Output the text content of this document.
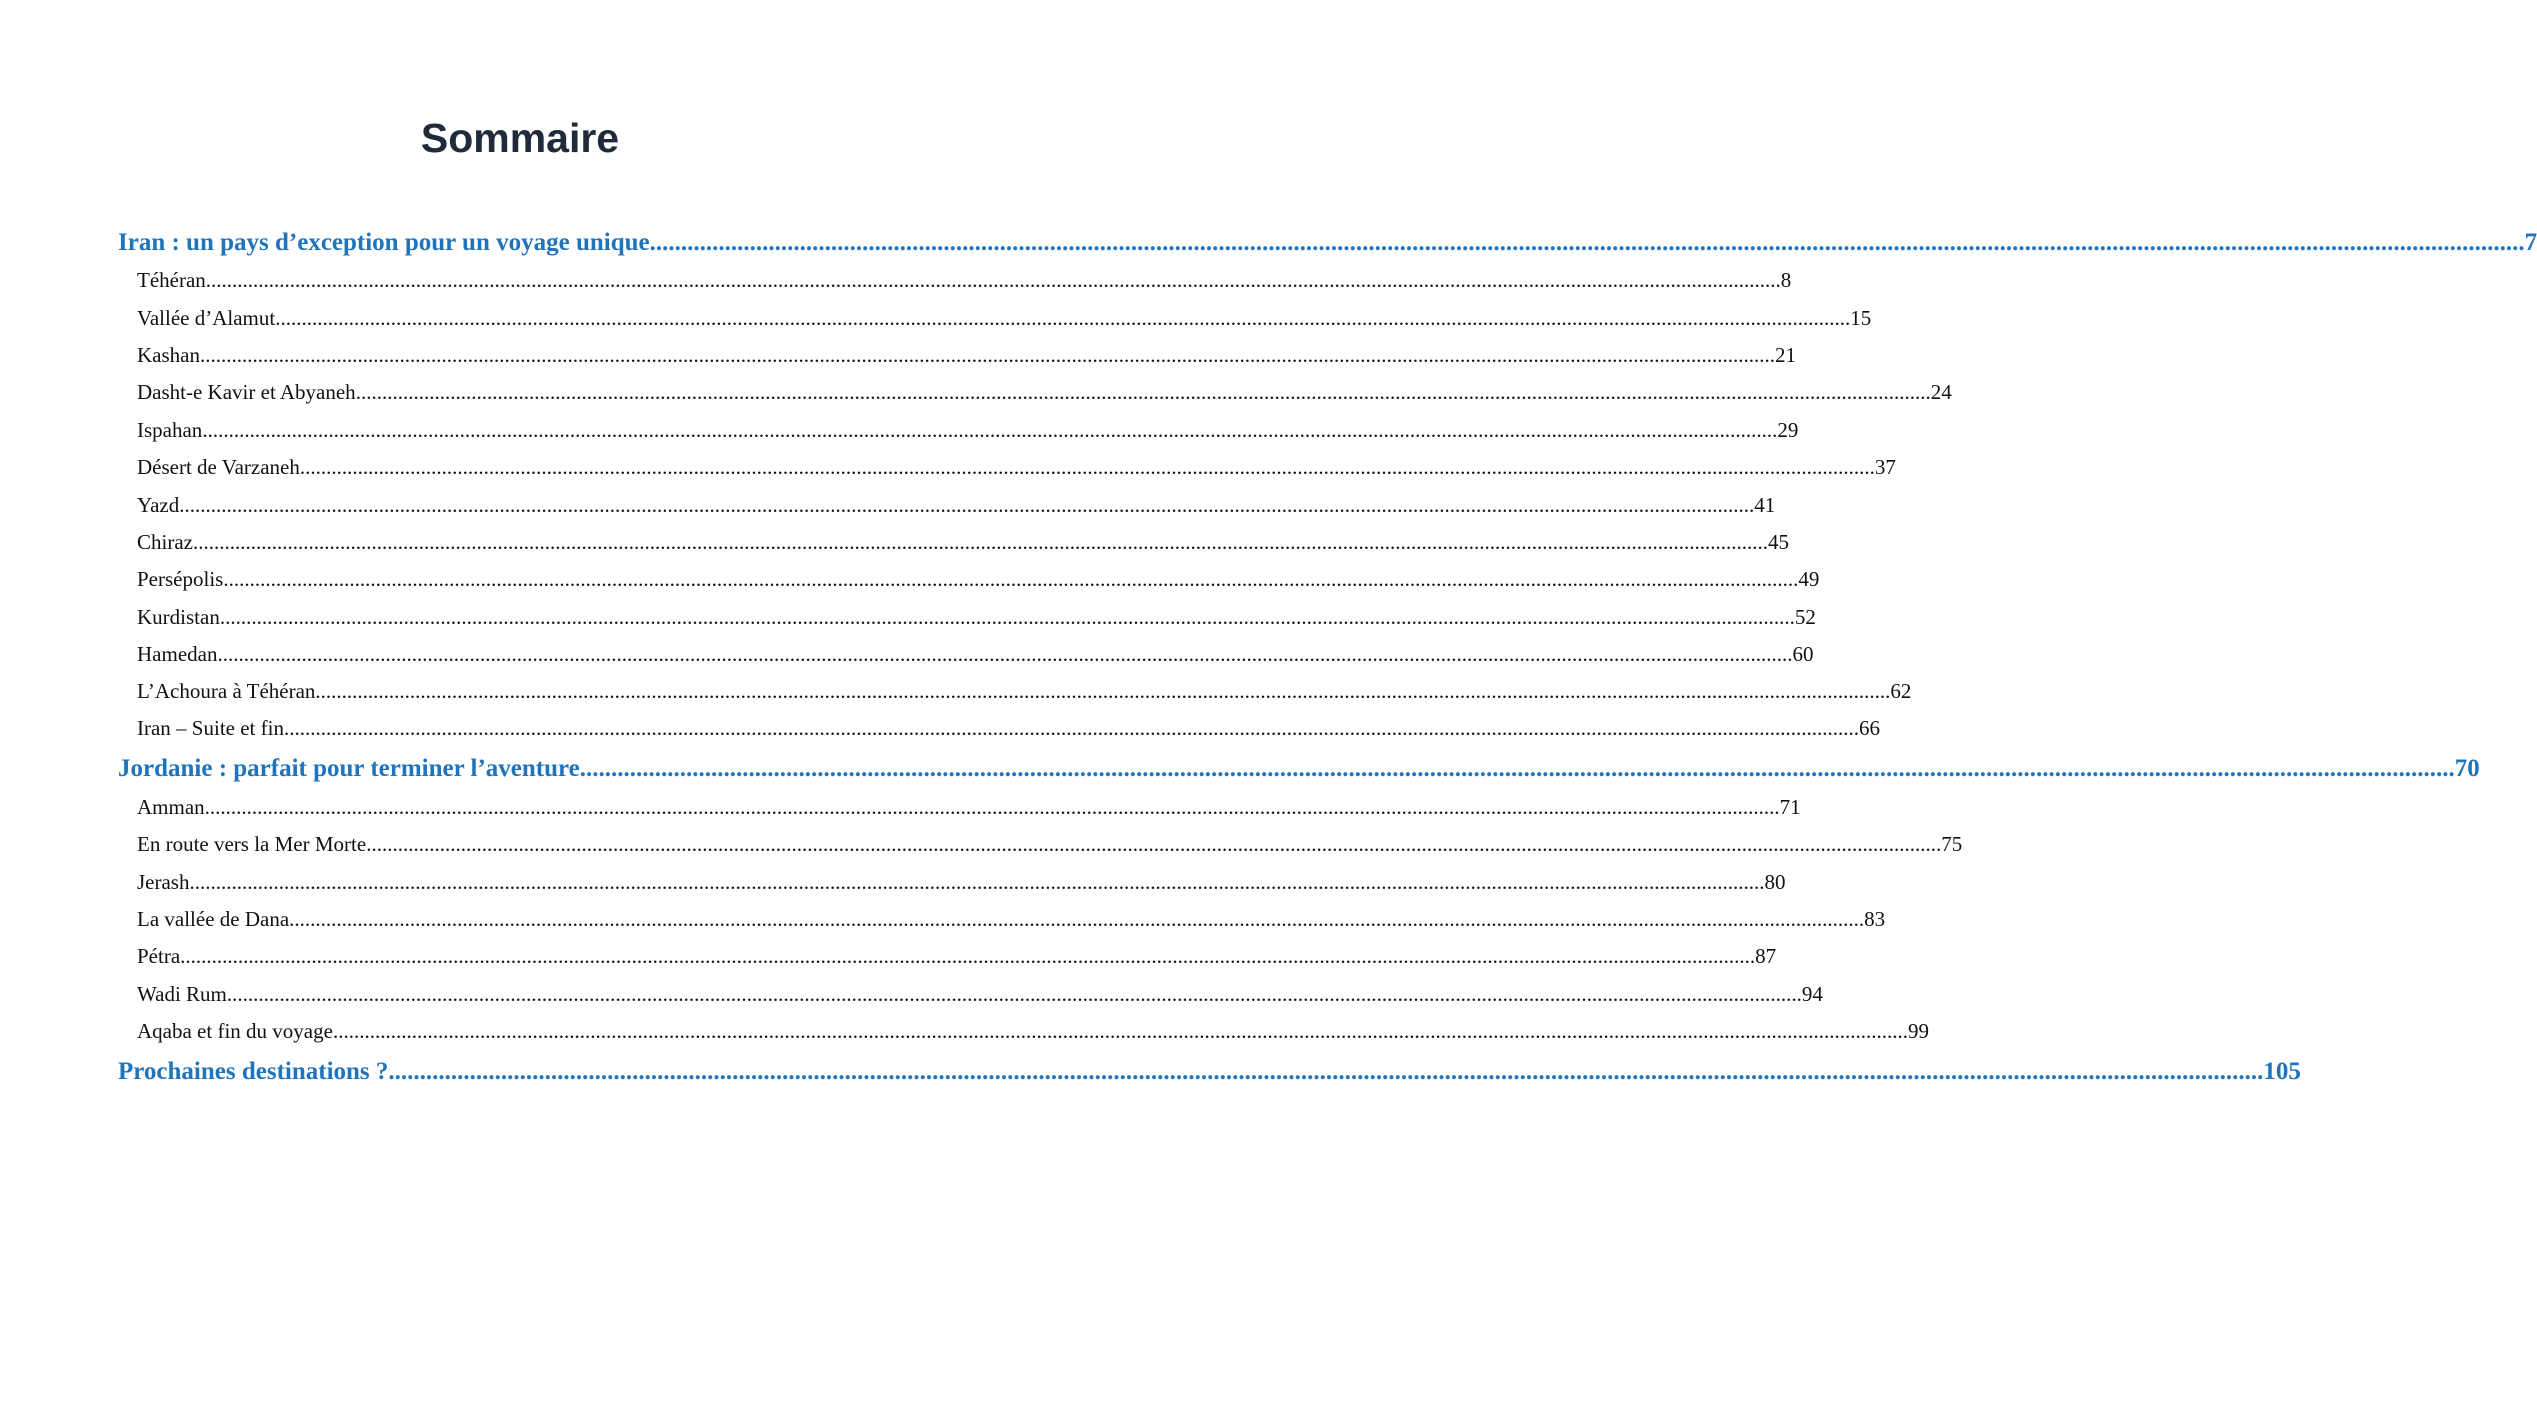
Sommaire
Iran : un pays d’exception pour un voyage unique ............................................................................................................................................................................................................................................................................................................ 7
Téhéran ............................................................................................................................................................................................................................................................................................................ 8
Vallée d’Alamut ............................................................................................................................................................................................................................................................................................................ 15
Kashan ............................................................................................................................................................................................................................................................................................................ 21
Dasht-e Kavir et Abyaneh ............................................................................................................................................................................................................................................................................................................ 24
Ispahan ............................................................................................................................................................................................................................................................................................................ 29
Désert de Varzaneh ............................................................................................................................................................................................................................................................................................................ 37
Yazd ............................................................................................................................................................................................................................................................................................................ 41
Chiraz ............................................................................................................................................................................................................................................................................................................ 45
Persépolis ............................................................................................................................................................................................................................................................................................................ 49
Kurdistan ............................................................................................................................................................................................................................................................................................................ 52
Hamedan ............................................................................................................................................................................................................................................................................................................ 60
L’Achoura à Téhéran ............................................................................................................................................................................................................................................................................................................ 62
Iran – Suite et fin ............................................................................................................................................................................................................................................................................................................ 66
Jordanie : parfait pour terminer l’aventure ............................................................................................................................................................................................................................................................................................................ 70
Amman ............................................................................................................................................................................................................................................................................................................ 71
En route vers la Mer Morte ............................................................................................................................................................................................................................................................................................................ 75
Jerash ............................................................................................................................................................................................................................................................................................................ 80
La vallée de Dana ............................................................................................................................................................................................................................................................................................................ 83
Pétra ............................................................................................................................................................................................................................................................................................................ 87
Wadi Rum ............................................................................................................................................................................................................................................................................................................ 94
Aqaba et fin du voyage ............................................................................................................................................................................................................................................................................................................ 99
Prochaines destinations ? ............................................................................................................................................................................................................................................................................................................ 105
